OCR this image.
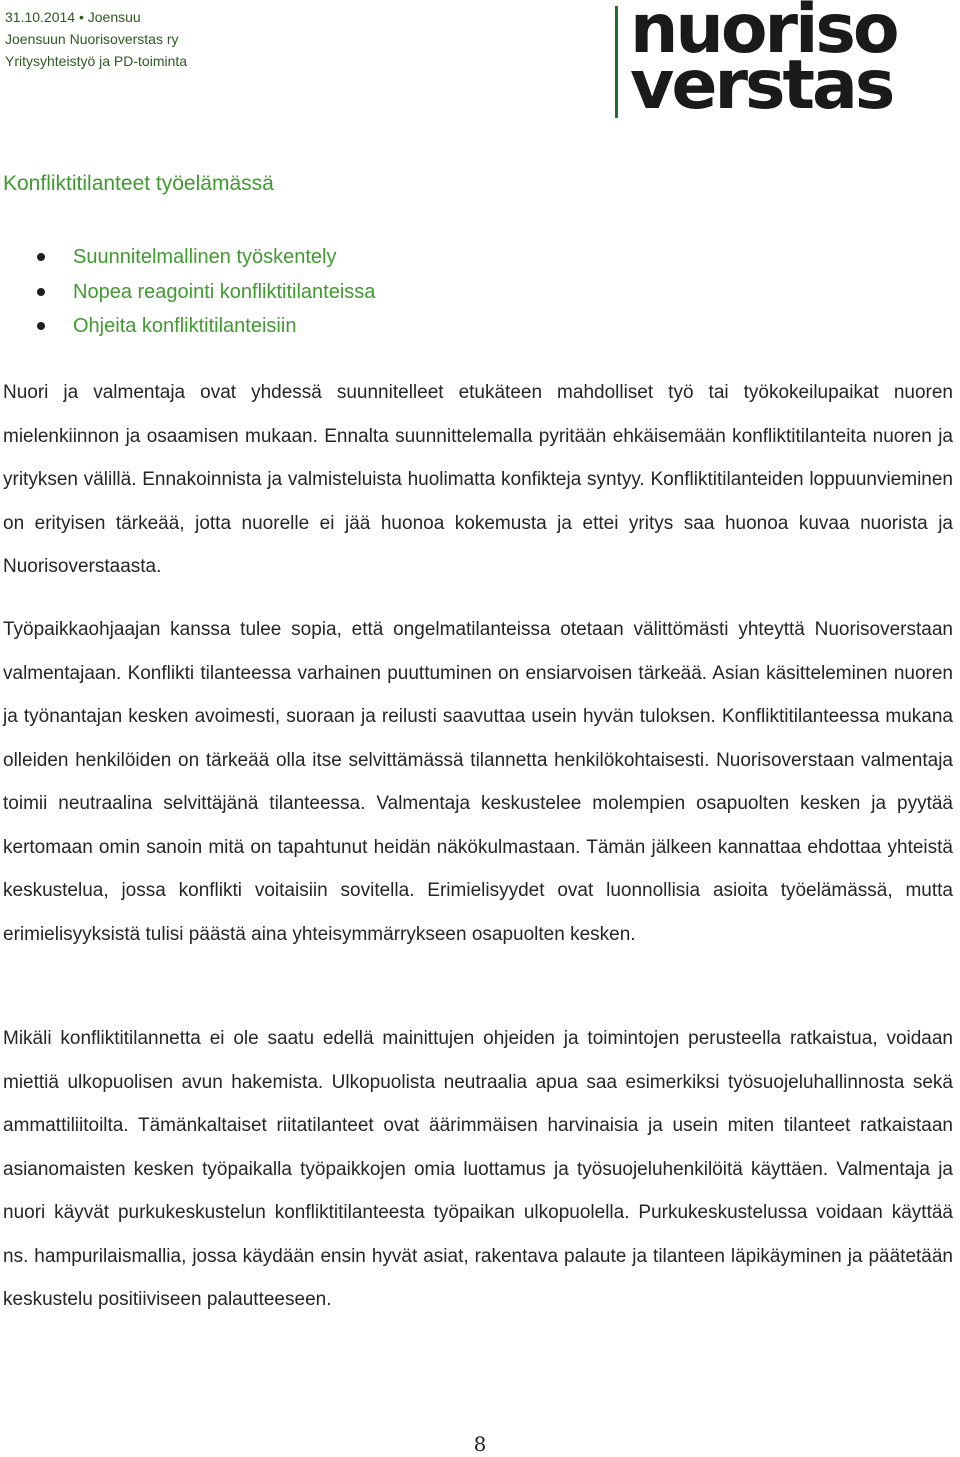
31.10.2014 • Joensuu
Joensuun Nuorisoverstas ry
Yritysyhteistyö ja PD-toiminta	nuoriso
verstas
Konfliktitilanteet työelämässä
Suunnitelmallinen työskentely
Nopea reagointi konfliktitilanteissa
Ohjeita konfliktitilanteisiin

Nuori ja valmentaja ovat yhdessä suunnitelleet etukäteen mahdolliset työ tai työkokeilupaikat nuoren mielenkiinnon ja osaamisen mukaan. Ennalta suunnittelemalla pyritään ehkäisemään konfliktitilanteita nuoren ja yrityksen välillä. Ennakoinnista ja valmisteluista huolimatta konfikteja syntyy. Konfliktitilanteiden loppuunvieminen on erityisen tärkeää, jotta nuorelle ei jää huonoa kokemusta ja ettei yritys saa huonoa kuvaa nuorista ja Nuorisoverstaasta.

Työpaikkaohjaajan kanssa tulee sopia, että ongelmatilanteissa otetaan välittömästi yhteyttä Nuorisoverstaan valmentajaan. Konflikti tilanteessa varhainen puuttuminen on ensiarvoisen tärkeää. Asian käsitteleminen nuoren ja työnantajan kesken avoimesti, suoraan ja reilusti saavuttaa usein hyvän tuloksen. Konfliktitilanteessa mukana olleiden henkilöiden on tärkeää olla itse selvittämässä tilannetta henkilökohtaisesti. Nuorisoverstaan valmentaja toimii neutraalina selvittäjänä tilanteessa. Valmentaja keskustelee molempien osapuolten kesken ja pyytää kertomaan omin sanoin mitä on tapahtunut heidän näkökulmastaan. Tämän jälkeen kannattaa ehdottaa yhteistä keskustelua, jossa konflikti voitaisiin sovitella. Erimielisyydet ovat luonnollisia asioita työelämässä, mutta erimielisyyksistä tulisi päästä aina yhteisymmärrykseen osapuolten kesken.

Mikäli konfliktitilannetta ei ole saatu edellä mainittujen ohjeiden ja toimintojen perusteella ratkaistua, voidaan miettiä ulkopuolisen avun hakemista. Ulkopuolista neutraalia apua saa esimerkiksi työsuojeluhallinnosta sekä ammattiliitoilta. Tämänkaltaiset riitatilanteet ovat äärimmäisen harvinaisia ja usein miten tilanteet ratkaistaan asianomaisten kesken työpaikalla työpaikkojen omia luottamus ja työsuojeluhenkilöitä käyttäen. Valmentaja ja nuori käyvät purkukeskustelun konfliktitilanteesta työpaikan ulkopuolella. Purkukeskustelussa voidaan käyttää ns. hampurilaismallia, jossa käydään ensin hyvät asiat, rakentava palaute ja tilanteen läpikäyminen ja päätetään keskustelu positiiviseen palautteeseen.

8
